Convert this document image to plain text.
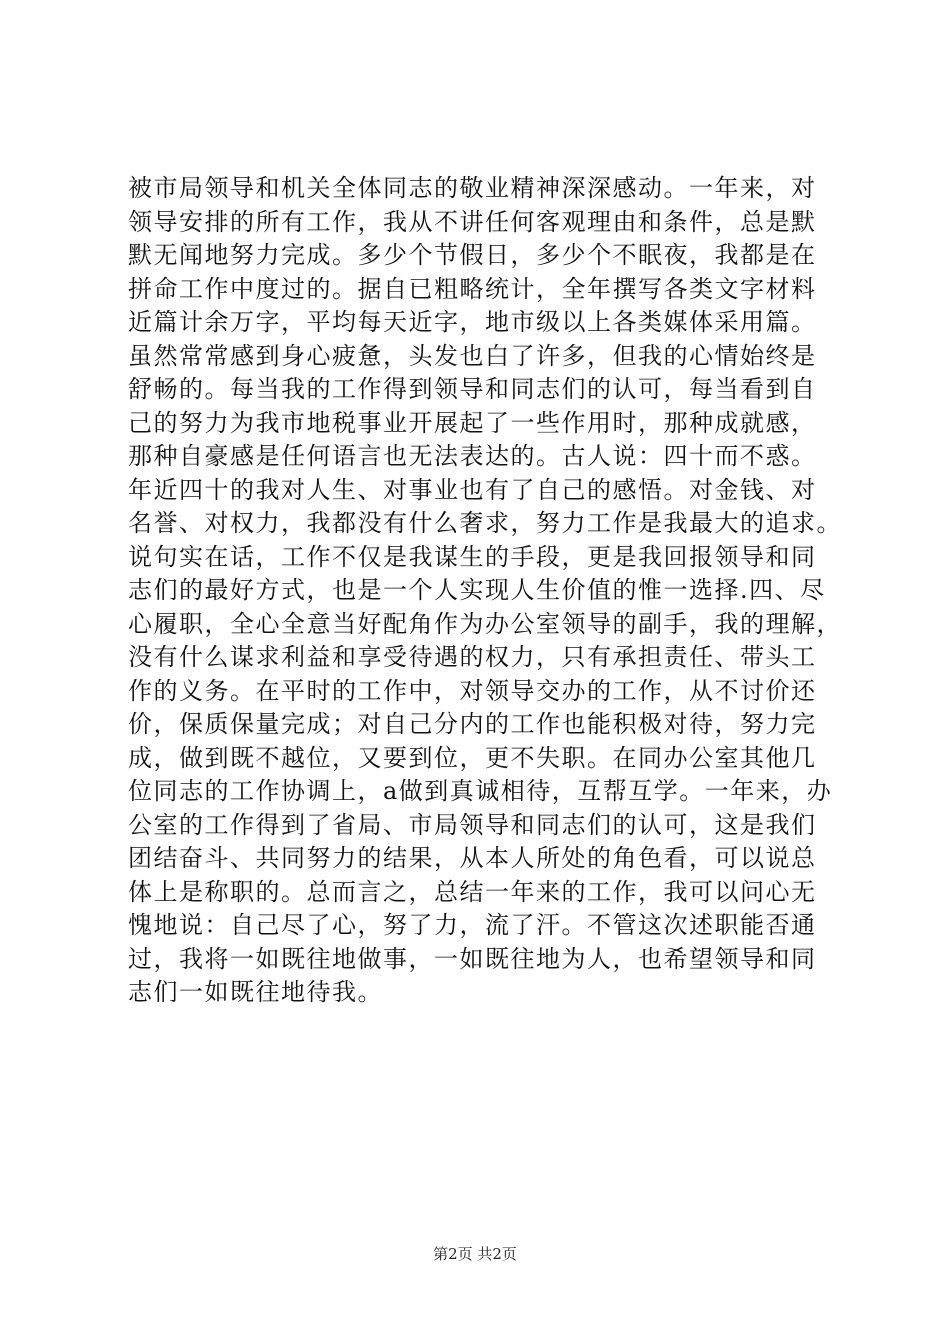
被市局领导和机关全体同志的敬业精神深深感动。一年来，对
领导安排的所有工作，我从不讲任何客观理由和条件，总是默
默无闻地努力完成。多少个节假日，多少个不眠夜，我都是在
拼命工作中度过的。据自已粗略统计，全年撰写各类文字材料
近篇计余万字，平均每天近字，地市级以上各类媒体采用篇。
虽然常常感到身心疲惫，头发也白了许多，但我的心情始终是
舒畅的。每当我的工作得到领导和同志们的认可，每当看到自
己的努力为我市地税事业开展起了一些作用时，那种成就感，
那种自豪感是任何语言也无法表达的。古人说：四十而不惑。
年近四十的我对人生、对事业也有了自己的感悟。对金钱、对
名誉、对权力，我都没有什么奢求，努力工作是我最大的追求。
说句实在话，工作不仅是我谋生的手段，更是我回报领导和同
志们的最好方式，也是一个人实现人生价值的惟一选择.四、尽
心履职，全心全意当好配角作为办公室领导的副手，我的理解，
没有什么谋求利益和享受待遇的权力，只有承担责任、带头工
作的义务。在平时的工作中，对领导交办的工作，从不讨价还
价，保质保量完成；对自己分内的工作也能积极对待，努力完
成，做到既不越位，又要到位，更不失职。在同办公室其他几
位同志的工作协调上，a做到真诚相待，互帮互学。一年来，办
公室的工作得到了省局、市局领导和同志们的认可，这是我们
团结奋斗、共同努力的结果，从本人所处的角色看，可以说总
体上是称职的。总而言之，总结一年来的工作，我可以问心无
愧地说：自己尽了心，努了力，流了汗。不管这次述职能否通
过，我将一如既往地做事，一如既往地为人，也希望领导和同
志们一如既往地待我。
第2页 共2页
